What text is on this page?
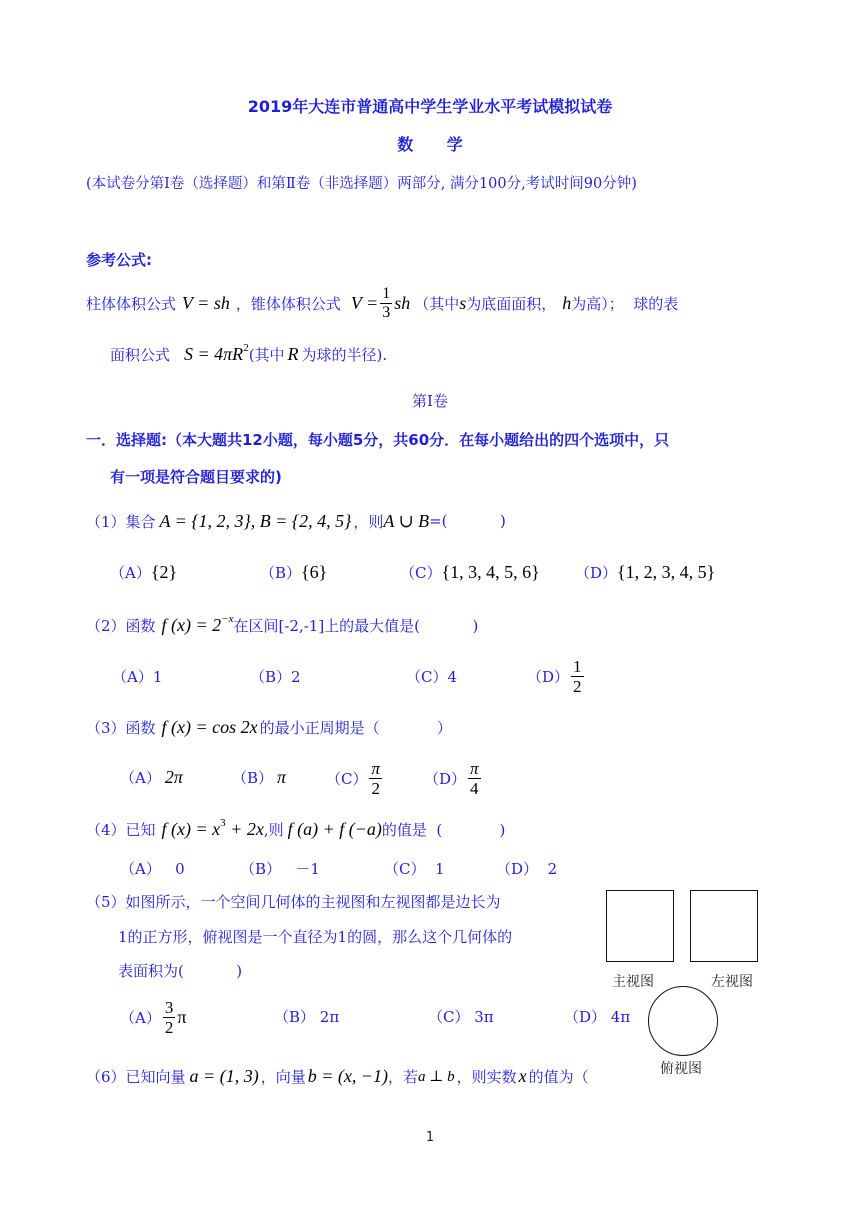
2019年大连市普通高中学生学业水平考试模拟试卷
数      学
(本试卷分第Ⅰ卷（选择题）和第Ⅱ卷（非选择题）两部分, 满分100分,考试时间90分钟)
参考公式:
柱体体积公式 V = sh ，锥体体积公式 $V = \frac{1}{3}$ sh （其中 s 为底面面积， h 为高）；  球的表
面积公式 $S = 4\pi R^2$ (其中 R 为球的半径).
第Ⅰ卷
一．选择题:（本大题共12小题，每小题5分，共60分．在每小题给出的四个选项中，只
有一项是符合题目要求的)
（1）集合 A = {1, 2, 3}, B = {2, 4, 5} ，则 A ∪ B =(           )
（A） {2}	（B） {6}	（C） {1, 3, 4, 5, 6} （D） {1, 2, 3, 4, 5}
（2）函数 f $(x) = 2^{-x}$ 在区间[-2,-1]上的最大值是(           )
（A）1	（B）2	（C）4	$(D) \frac{1}{2}$
（3）函数 f (x) = cos 2x 的最小正周期是（            ）
（A） 2π	（B） π	$(C) \frac{\pi}{2}$	$(D) \frac{\pi}{4}$
（4）已知 f $(x) = x^3 + 2x$ ,则 f (a) + f (−a) 的值是  (            )
（A）   0	（B）   －1	（C）  1	（D）  2
（5）如图所示，一个空间几何体的主视图和左视图都是边长为
1的正方形，俯视图是一个直径为1的圆，那么这个几何体的
表面积为(           )
$(A) \frac{3}{2}$ π	（B） 2π	（C） 3π	（D） 4π
主视图	左视图
俯视图
（6）已知向量 a = (1, 3) ，向量 b = (x, −1) ，若 a ⊥ b ，则实数 x 的值为（
1
